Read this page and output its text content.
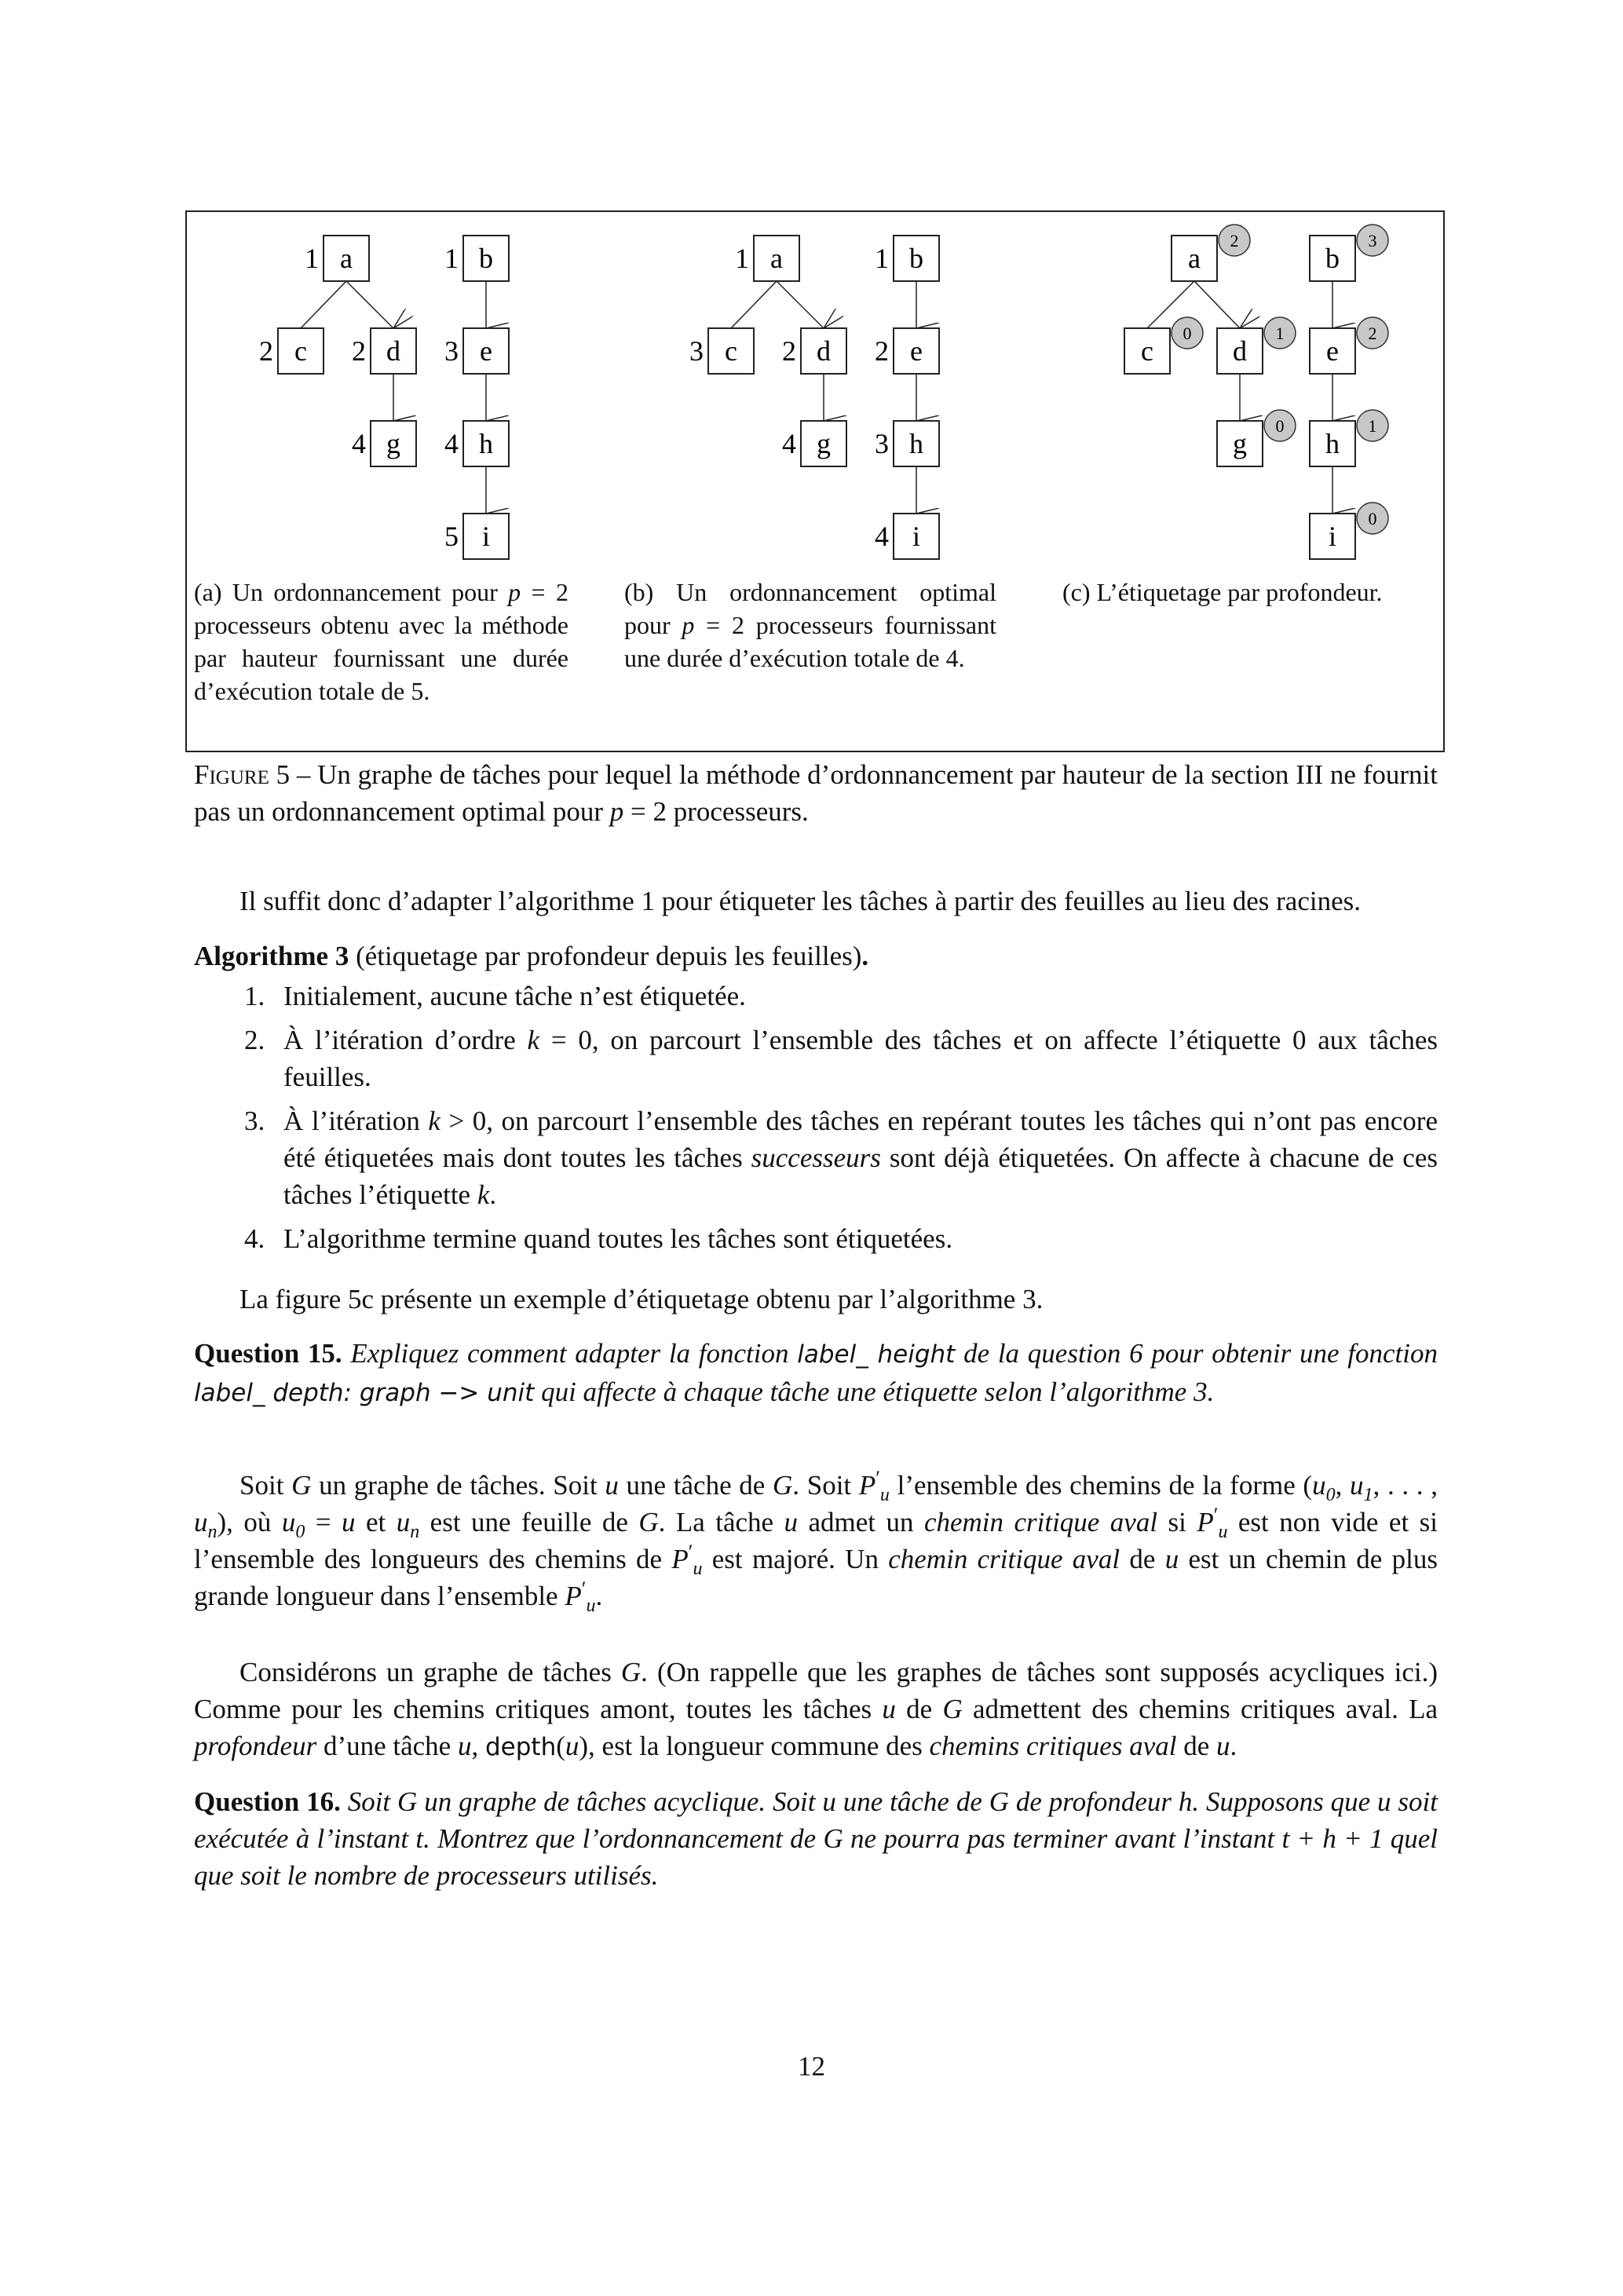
a
1	b
1
c
2	d
2	e
3
g
4	h
4
i
5
a
1	b
1
c
3	d
2	e
2
g
4	h
3
i
4
a
2
b
3
c
0
d
1
e
2
g
0
h
1
i
0
(a) Un ordonnancement pour p = 2 processeurs obtenu avec la méthode par hauteur fournissant une durée d’exécution totale de 5.
(b) Un ordonnancement optimal pour p = 2 processeurs fournissant une durée d’exécution totale de 4.
(c) L’étiquetage par profondeur.
Figure 5 – Un graphe de tâches pour lequel la méthode d’ordonnancement par hauteur de la section III ne fournit pas un ordonnancement optimal pour p = 2 processeurs.
Il suffit donc d’adapter l’algorithme 1 pour étiqueter les tâches à partir des feuilles au lieu des racines.
Algorithme 3 (étiquetage par profondeur depuis les feuilles).
1. Initialement, aucune tâche n’est étiquetée.
2. À l’itération d’ordre k = 0, on parcourt l’ensemble des tâches et on affecte l’étiquette 0 aux tâches feuilles.
3. À l’itération k > 0, on parcourt l’ensemble des tâches en repérant toutes les tâches qui n’ont pas encore été étiquetées mais dont toutes les tâches successeurs sont déjà étiquetées. On affecte à chacune de ces tâches l’étiquette k.
4. L’algorithme termine quand toutes les tâches sont étiquetées.
La figure 5c présente un exemple d’étiquetage obtenu par l’algorithme 3.
Question 15. Expliquez comment adapter la fonction label_ height de la question 6 pour obtenir une fonction label_ depth: graph −> unit qui affecte à chaque tâche une étiquette selon l’algorithme 3.
Soit G un graphe de tâches. Soit u une tâche de G. Soit $P'_u$ l’ensemble des chemins de la forme ($u_0$, $u_1$, . . . , $u_n$), où $u_0 = u$ et $u_n$ est une feuille de G. La tâche u admet un chemin critique aval si $P'_u$ est non vide et si l’ensemble des longueurs des chemins de $P'_u$ est majoré. Un chemin critique aval de u est un chemin de plus grande longueur dans l’ensemble $P'_u$.
Considérons un graphe de tâches G. (On rappelle que les graphes de tâches sont supposés acycliques ici.) Comme pour les chemins critiques amont, toutes les tâches u de G admettent des chemins critiques aval. La profondeur d’une tâche u, depth(u), est la longueur commune des chemins critiques aval de u.
Question 16. Soit G un graphe de tâches acyclique. Soit u une tâche de G de profondeur h. Supposons que u soit exécutée à l’instant t. Montrez que l’ordonnancement de G ne pourra pas terminer avant l’instant t + h + 1 quel que soit le nombre de processeurs utilisés.
12
